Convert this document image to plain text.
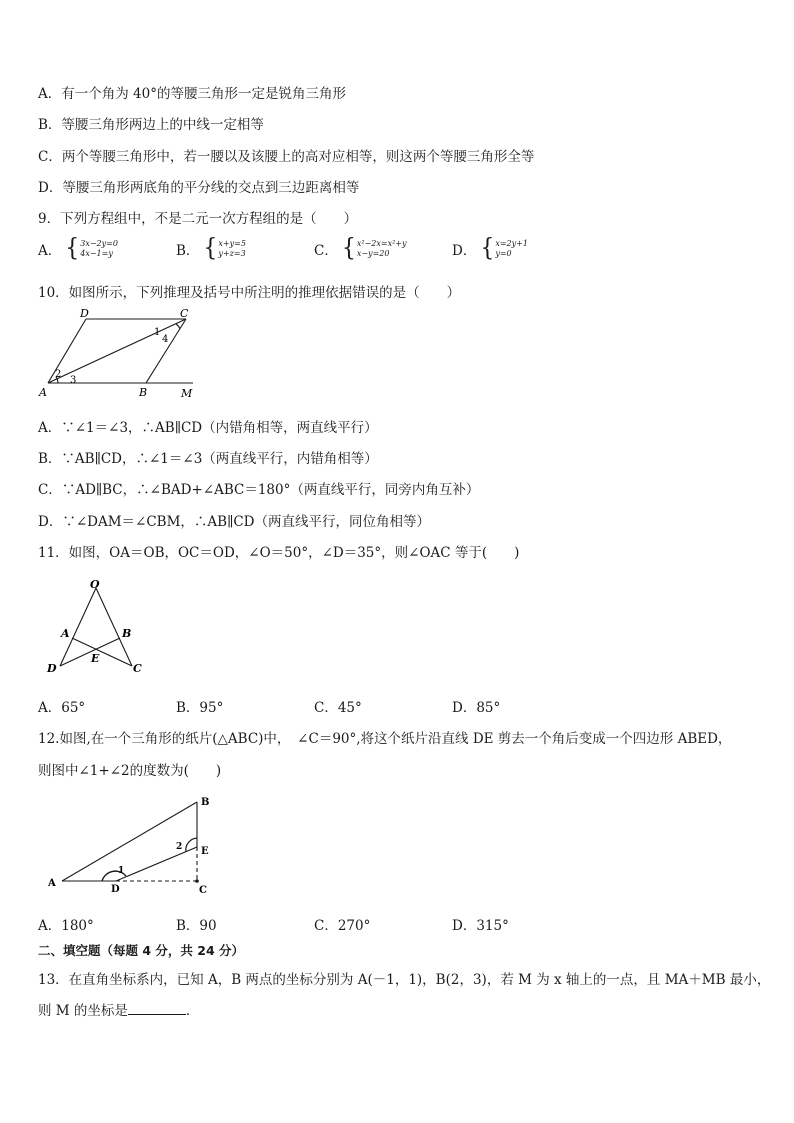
A．有一个角为 40°的等腰三角形一定是锐角三角形
B．等腰三角形两边上的中线一定相等
C．两个等腰三角形中，若一腰以及该腰上的高对应相等，则这两个等腰三角形全等
D．等腰三角形两底角的平分线的交点到三边距离相等
9．下列方程组中，不是二元一次方程组的是（　　）
A． { 3x−2y=0
4x−1=y	B． { x+y=5
y+z=3	C． { x²−2x=x²+y
x−y=20	D． { x=2y+1
y=0
10．如图所示，下列推理及括号中所注明的推理依据错误的是（　　）
D	C
A	B	M
1
2
3
4
A．∵∠1＝∠3，∴AB∥CD（内错角相等，两直线平行）
B．∵AB∥CD，∴∠1＝∠3（两直线平行，内错角相等）
C．∵AD∥BC，∴∠BAD+∠ABC＝180°（两直线平行，同旁内角互补）
D．∵∠DAM＝∠CBM，∴AB∥CD（两直线平行，同位角相等）
11．如图，OA＝OB，OC＝OD，∠O＝50°，∠D＝35°，则∠OAC 等于(　　)
O
A	B
E
D	C
A．65°	B．95°	C．45°	D．85°
12.如图,在一个三角形的纸片(△ABC)中，　∠C＝90°,将这个纸片沿直线 DE 剪去一个角后变成一个四边形 ABED，
则图中∠1+∠2的度数为(　　)
B
E
A
D	C
1
2
A．180°	B．90	C．270°	D．315°
二、填空题（每题 4 分，共 24 分）
13．在直角坐标系内，已知 A，B 两点的坐标分别为 A(－1，1)，B(2，3)，若 M 为 x 轴上的一点，且 MA＋MB 最小，
则 M 的坐标是	．
